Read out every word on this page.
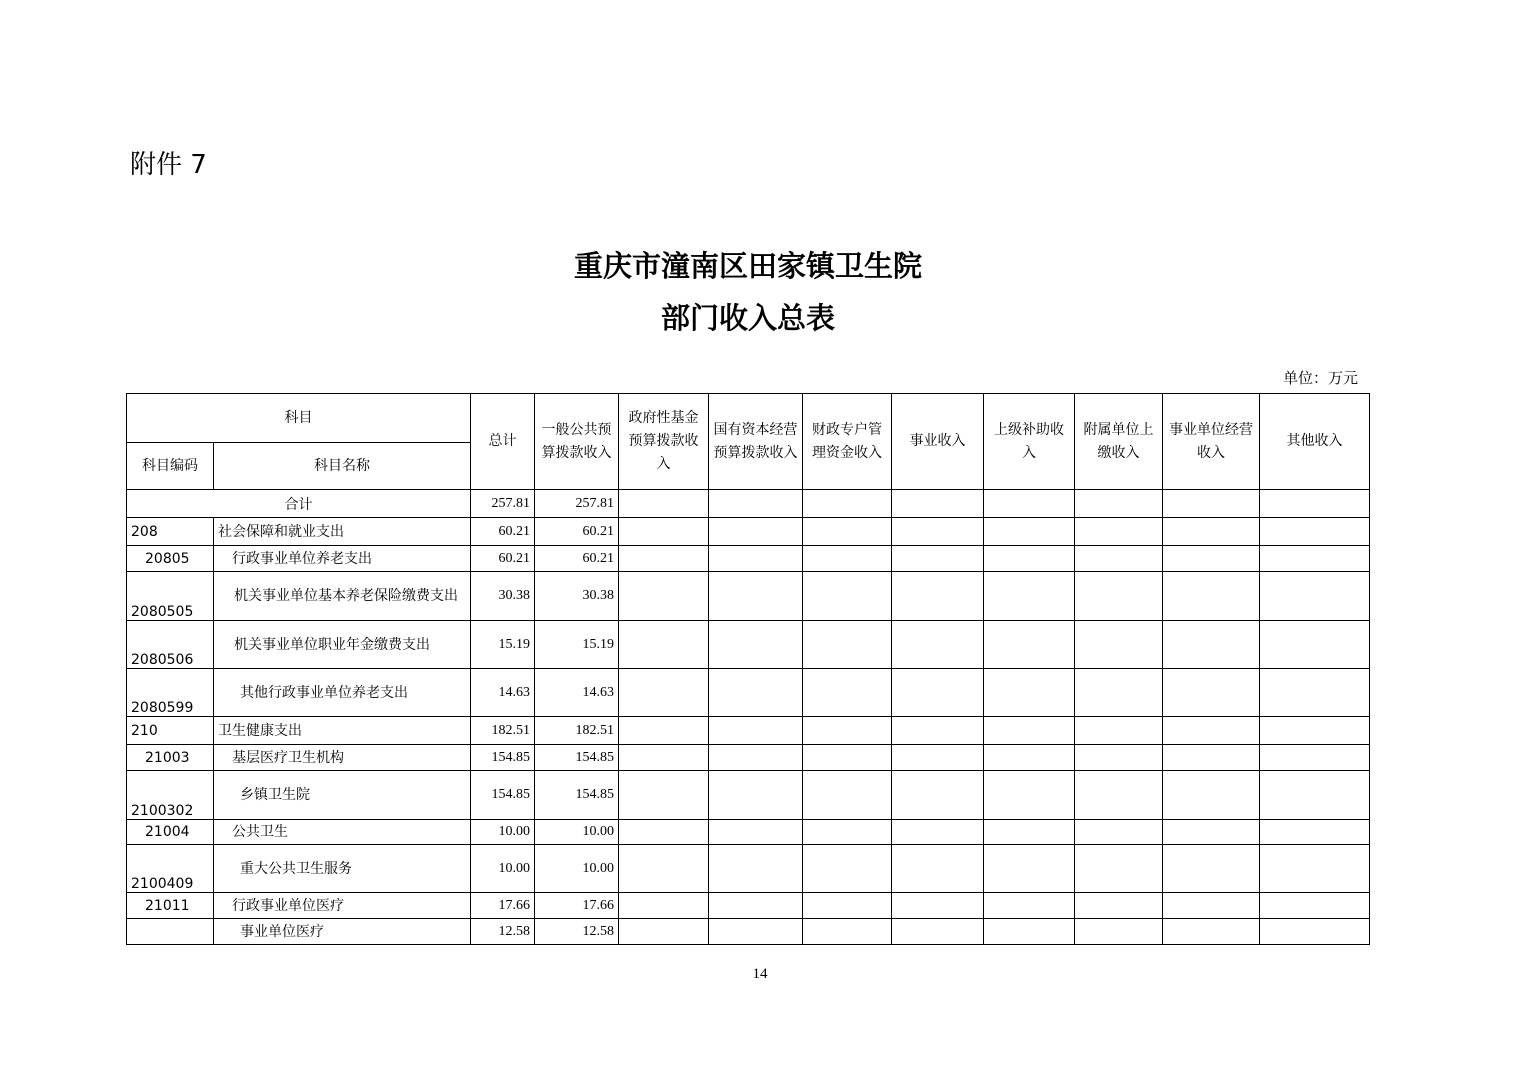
附件 7
重庆市潼南区田家镇卫生院
部门收入总表
单位：万元
科目		总计	一般公共预算拨款收入	政府性基金预算拨款收入	国有资本经营预算拨款收入	财政专户管理资金收入	事业收入	上级补助收入	附属单位上缴收入	事业单位经营收入	其他收入
科目编码	科目名称										
合计		257.81	257.81								
208	社会保障和就业支出	60.21	60.21								
20805	行政事业单位养老支出	60.21	60.21								
2080505	机关事业单位基本养老保险缴费支出	30.38	30.38								
2080506	机关事业单位职业年金缴费支出	15.19	15.19								
2080599	其他行政事业单位养老支出	14.63	14.63								
210	卫生健康支出	182.51	182.51								
21003	基层医疗卫生机构	154.85	154.85								
2100302	乡镇卫生院	154.85	154.85								
21004	公共卫生	10.00	10.00								
2100409	重大公共卫生服务	10.00	10.00								
21011	行政事业单位医疗	17.66	17.66								
	事业单位医疗	12.58	12.58								
14
